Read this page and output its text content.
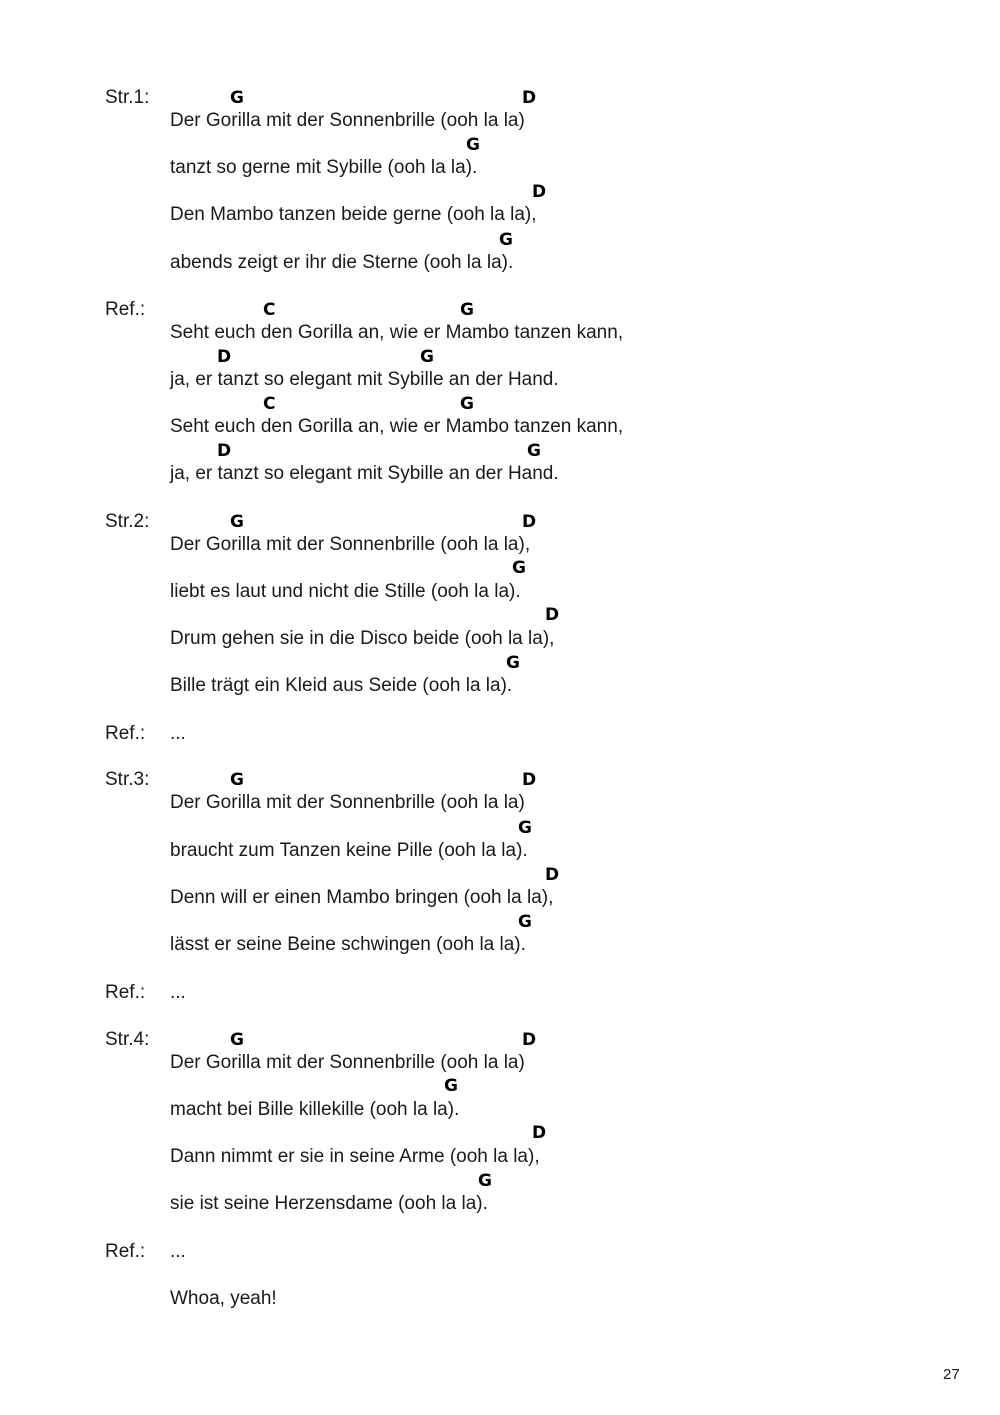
Str.1:	G	D
Der Gorilla mit der Sonnenbrille (ooh la la)
G
tanzt so gerne mit Sybille (ooh la la).
D
Den Mambo tanzen beide gerne (ooh la la),
G
abends zeigt er ihr die Sterne (ooh la la).
Ref.:	C	G
Seht euch den Gorilla an, wie er Mambo tanzen kann,
D	G
ja, er tanzt so elegant mit Sybille an der Hand.
C	G
Seht euch den Gorilla an, wie er Mambo tanzen kann,
D	G
ja, er tanzt so elegant mit Sybille an der Hand.
Str.2:	G	D
Der Gorilla mit der Sonnenbrille (ooh la la),
G
liebt es laut und nicht die Stille (ooh la la).
D
Drum gehen sie in die Disco beide (ooh la la),
G
Bille trägt ein Kleid aus Seide (ooh la la).
Ref.: ...
Str.3:	G	D
Der Gorilla mit der Sonnenbrille (ooh la la)
G
braucht zum Tanzen keine Pille (ooh la la).
D
Denn will er einen Mambo bringen (ooh la la),
G
lässt er seine Beine schwingen (ooh la la).
Ref.: ...
Str.4:	G	D
Der Gorilla mit der Sonnenbrille (ooh la la)
G
macht bei Bille killekille (ooh la la).
D
Dann nimmt er sie in seine Arme (ooh la la),
G
sie ist seine Herzensdame (ooh la la).
Ref.: ...
Whoa, yeah!
27
